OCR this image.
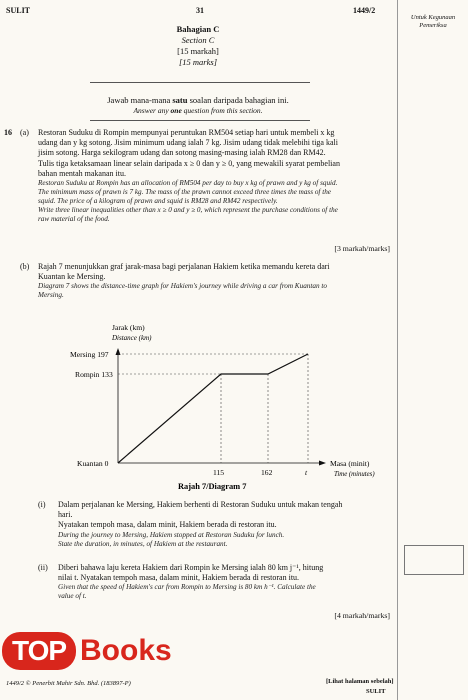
SULIT	31	1449/2
Untuk Kegunaan Pemeriksa
Bahagian C
Section C
[15 markah]
[15 marks]
Jawab mana-mana satu soalan daripada bahagian ini.
Answer any one question from this section.
16 (a) Restoran Suduku di Rompin mempunyai peruntukan RM504 setiap hari untuk membeli x kg
udang dan y kg sotong. Jisim minimum udang ialah 7 kg. Jisim udang tidak melebihi tiga kali
jisim sotong. Harga sekilogram udang dan sotong masing-masing ialah RM28 dan RM42.
Tulis tiga ketaksamaan linear selain daripada x ≥ 0 dan y ≥ 0, yang mewakili syarat pembelian
bahan mentah makanan itu.
Restoran Suduku at Rompin has an allocation of RM504 per day to buy x kg of prawn and y kg of squid.
The minimum mass of prawn is 7 kg. The mass of the prawn cannot exceed three times the mass of the
squid. The price of a kilogram of prawn and squid is RM28 and RM42 respectively.
Write three linear inequalities other than x ≥ 0 and y ≥ 0, which represent the purchase conditions of the
raw material of the food.
[3 markah/marks]
(b) Rajah 7 menunjukkan graf jarak-masa bagi perjalanan Hakiem ketika memandu kereta dari
Kuantan ke Mersing.
Diagram 7 shows the distance-time graph for Hakiem's journey while driving a car from Kuantan to
Mersing.
Jarak (km)
Distance (km)
Mersing 197
Rompin 133
Kuantan 0
115	162	t
Masa (minit)
Time (minutes)
Rajah 7/Diagram 7
(i) Dalam perjalanan ke Mersing, Hakiem berhenti di Restoran Suduku untuk makan tengah
hari.
Nyatakan tempoh masa, dalam minit, Hakiem berada di restoran itu.
During the journey to Mersing, Hakiem stopped at Restoran Suduku for lunch.
State the duration, in minutes, of Hakiem at the restaurant.
(ii) Diberi bahawa laju kereta Hakiem dari Rompin ke Mersing ialah 80 km j⁻¹, hitung
nilai t. Nyatakan tempoh masa, dalam minit, Hakiem berada di restoran itu.
Given that the speed of Hakiem's car from Rompin to Mersing is 80 km h⁻¹. Calculate the
value of t.
[4 markah/marks]
TOP Books
1449/2 © Penerbit Mahir Sdn. Bhd. (183897-P)	[Lihat halaman sebelah]
SULIT
